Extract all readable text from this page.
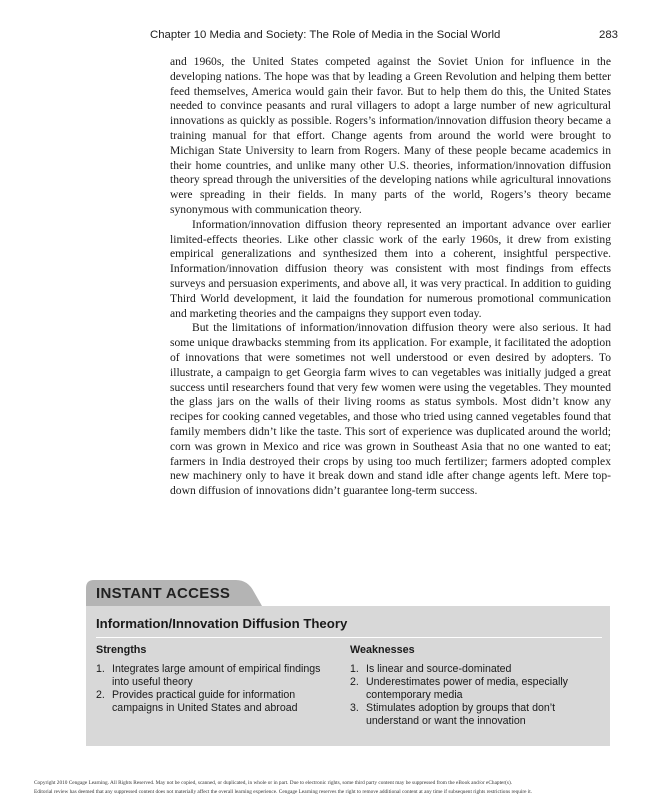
Chapter 10 Media and Society: The Role of Media in the Social World	283

and 1960s, the United States competed against the Soviet Union for influence in the developing nations. The hope was that by leading a Green Revolution and helping them better feed themselves, America would gain their favor. But to help them do this, the United States needed to convince peasants and rural villagers to adopt a large number of new agricultural innovations as quickly as possible. Rogers’s information/innovation diffusion theory became a training manual for that effort. Change agents from around the world were brought to Michigan State University to learn from Rogers. Many of these people became academics in their home countries, and unlike many other U.S. theories, information/innovation diffusion theory spread through the universities of the developing nations while agricultural innovations were spreading in their fields. In many parts of the world, Rogers’s theory became synonymous with communication theory.

Information/innovation diffusion theory represented an important advance over earlier limited-effects theories. Like other classic work of the early 1960s, it drew from existing empirical generalizations and synthesized them into a coherent, insightful perspective. Information/innovation diffusion theory was consistent with most findings from effects surveys and persuasion experiments, and above all, it was very practical. In addition to guiding Third World development, it laid the foundation for numerous promotional communication and marketing theories and the campaigns they support even today.

But the limitations of information/innovation diffusion theory were also serious. It had some unique drawbacks stemming from its application. For example, it facilitated the adoption of innovations that were sometimes not well understood or even desired by adopters. To illustrate, a campaign to get Georgia farm wives to can vegetables was initially judged a great success until researchers found that very few women were using the vegetables. They mounted the glass jars on the walls of their living rooms as status symbols. Most didn’t know any recipes for cooking canned vegetables, and those who tried using canned vegetables found that family members didn’t like the taste. This sort of experience was duplicated around the world; corn was grown in Mexico and rice was grown in Southeast Asia that no one wanted to eat; farmers in India destroyed their crops by using too much fertilizer; farmers adopted complex new machinery only to have it break down and stand idle after change agents left. Mere top-down diffusion of innovations didn’t guarantee long-term success.

INSTANT ACCESS
Information/Innovation Diffusion Theory
Strengths
1. Integrates large amount of empirical findings into useful theory
2. Provides practical guide for information campaigns in United States and abroad
Weaknesses
1. Is linear and source-dominated
2. Underestimates power of media, especially contemporary media
3. Stimulates adoption by groups that don’t understand or want the innovation
Copyright 2010 Cengage Learning. All Rights Reserved. May not be copied, scanned, or duplicated, in whole or in part. Due to electronic rights, some third party content may be suppressed from the eBook and/or eChapter(s).
Editorial review has deemed that any suppressed content does not materially affect the overall learning experience. Cengage Learning reserves the right to remove additional content at any time if subsequent rights restrictions require it.
